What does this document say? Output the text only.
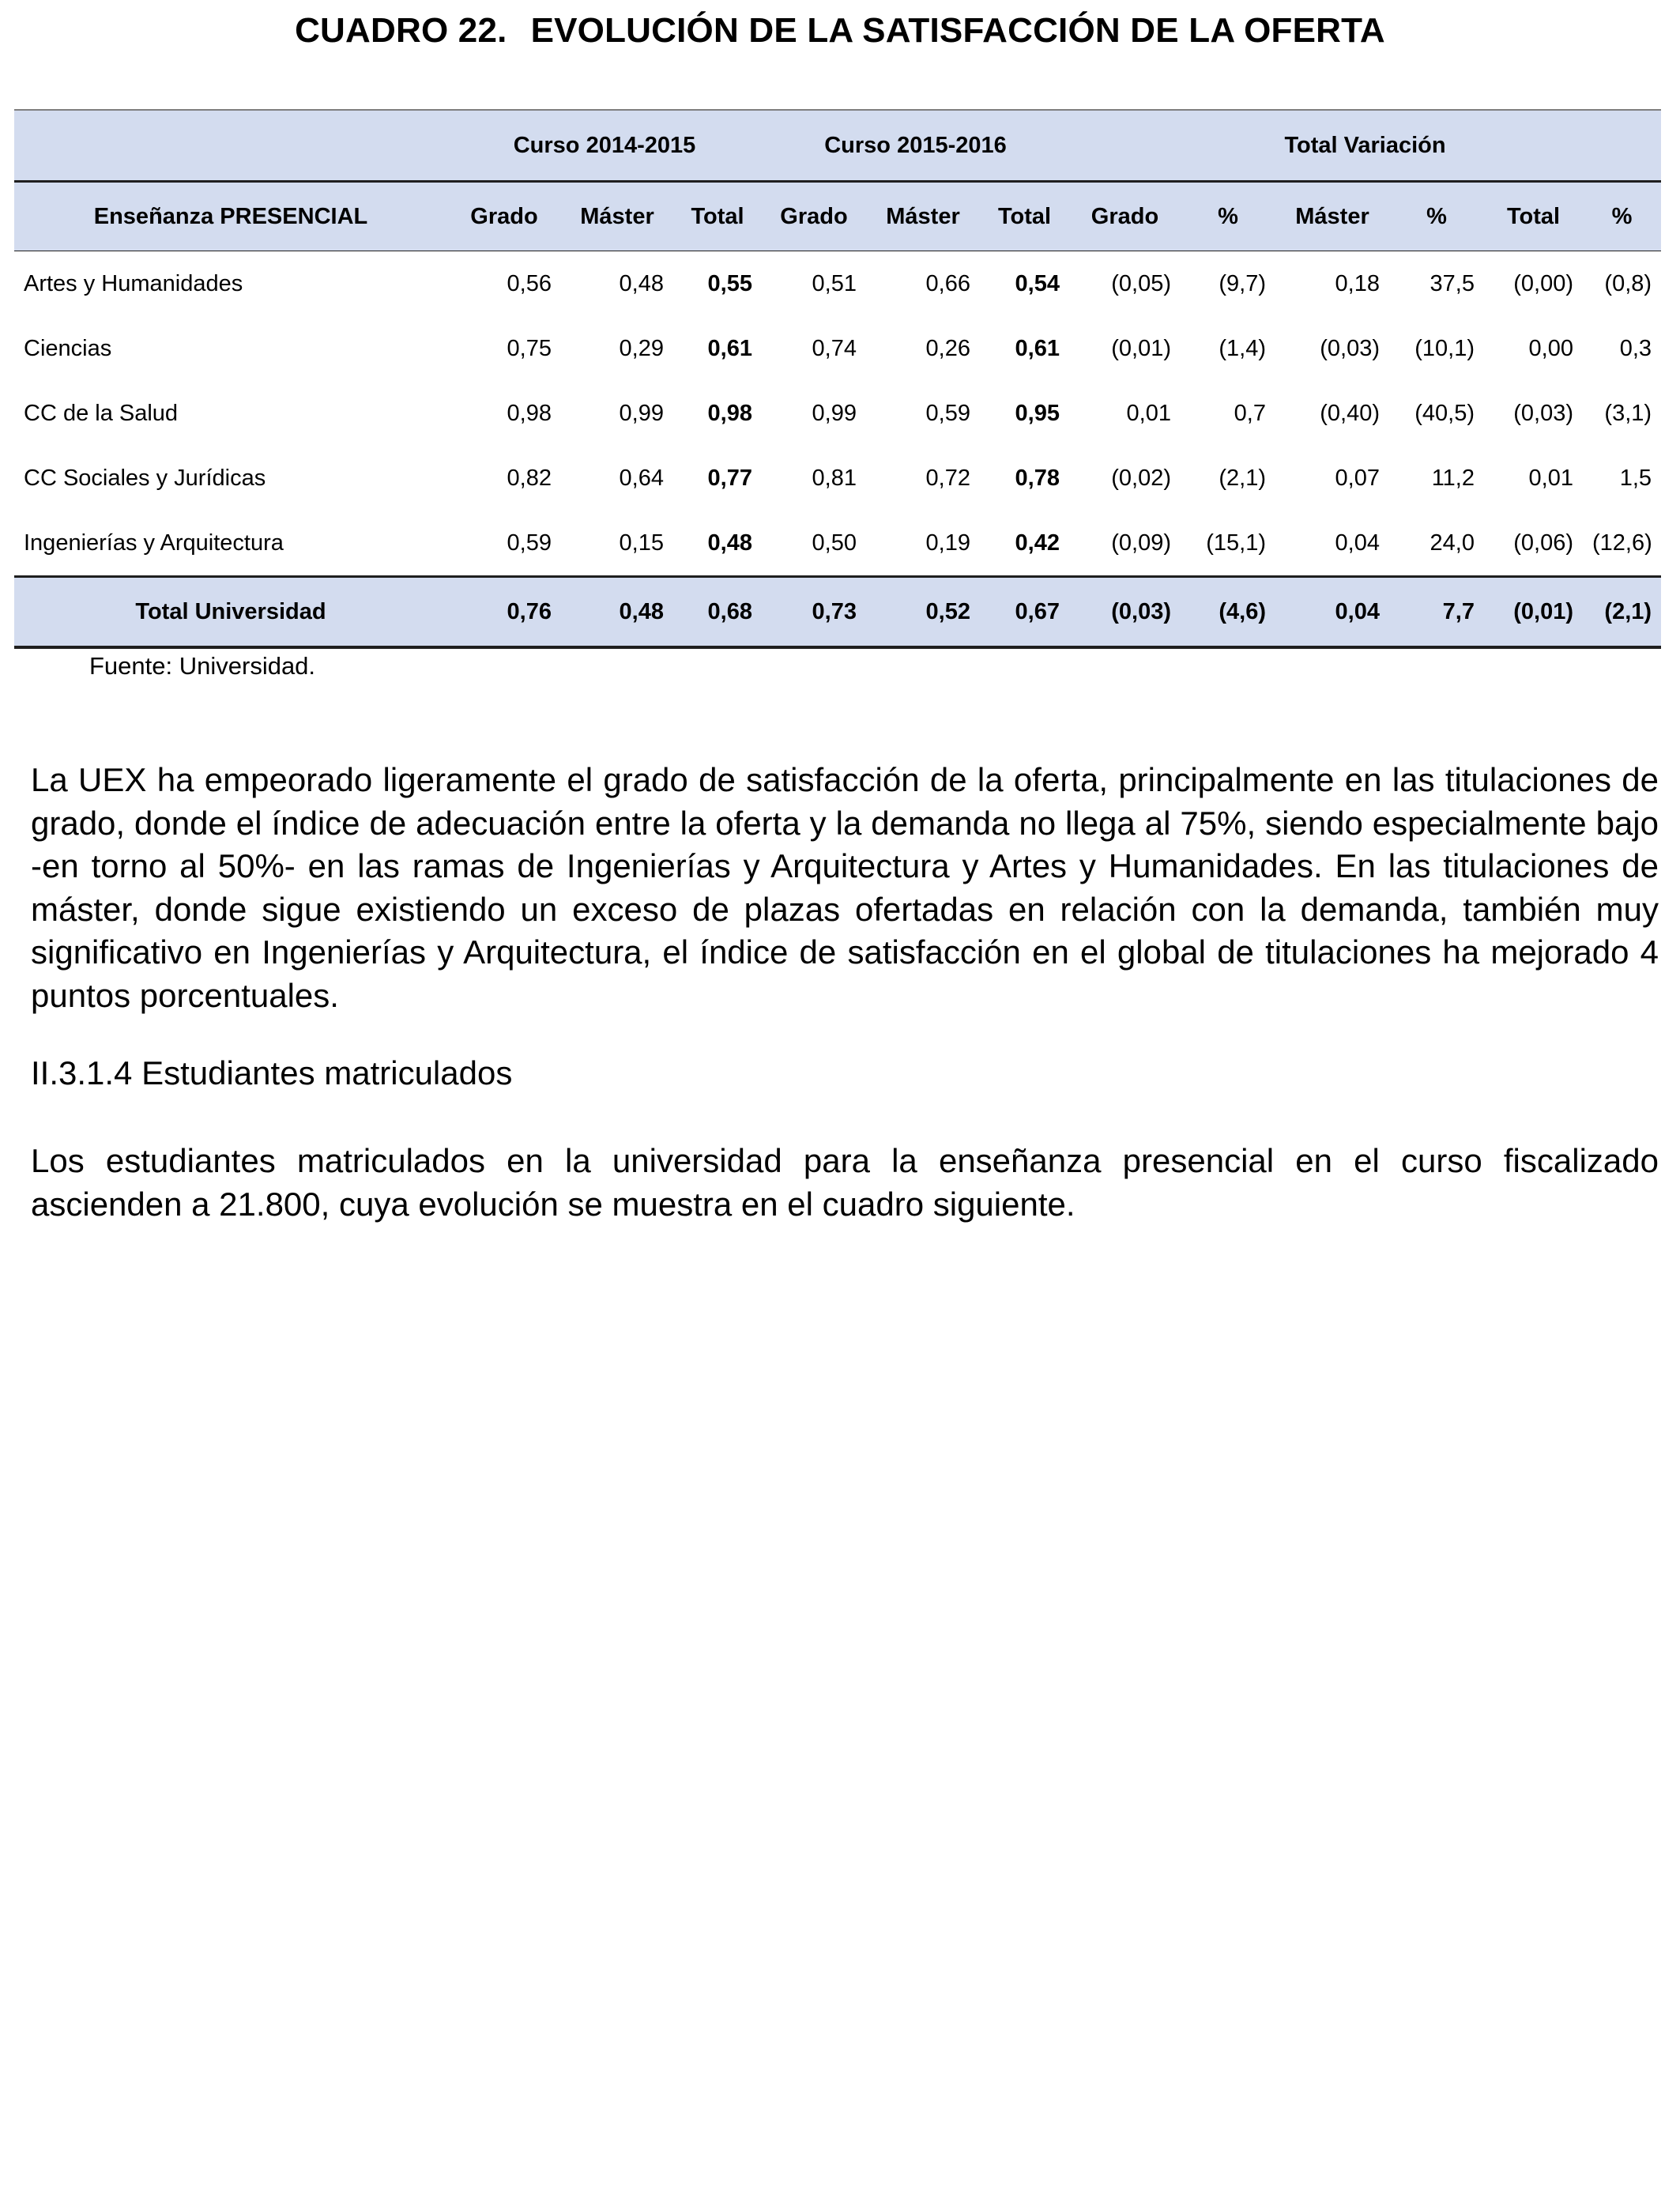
CUADRO 22. EVOLUCIÓN DE LA SATISFACCIÓN DE LA OFERTA
	Curso 2014-2015			Curso 2015-2016			Total Variación					
Enseñanza PRESENCIAL	Grado	Máster	Total	Grado	Máster	Total	Grado	%	Máster	%	Total	%
Artes y Humanidades	0,56	0,48	0,55	0,51	0,66	0,54	(0,05)	(9,7)	0,18	37,5	(0,00)	(0,8)
Ciencias	0,75	0,29	0,61	0,74	0,26	0,61	(0,01)	(1,4)	(0,03)	(10,1)	0,00	0,3
CC de la Salud	0,98	0,99	0,98	0,99	0,59	0,95	0,01	0,7	(0,40)	(40,5)	(0,03)	(3,1)
CC Sociales y Jurídicas	0,82	0,64	0,77	0,81	0,72	0,78	(0,02)	(2,1)	0,07	11,2	0,01	1,5
Ingenierías y Arquitectura	0,59	0,15	0,48	0,50	0,19	0,42	(0,09)	(15,1)	0,04	24,0	(0,06)	(12,6)
Total Universidad	0,76	0,48	0,68	0,73	0,52	0,67	(0,03)	(4,6)	0,04	7,7	(0,01)	(2,1)
Fuente: Universidad.

La UEX ha empeorado ligeramente el grado de satisfacción de la oferta, principalmente en las titulaciones de grado, donde el índice de adecuación entre la oferta y la demanda no llega al 75%, siendo especialmente bajo -en torno al 50%- en las ramas de Ingenierías y Arquitectura y Artes y Humanidades. En las titulaciones de máster, donde sigue existiendo un exceso de plazas ofertadas en relación con la demanda, también muy significativo en Ingenierías y Arquitectura, el índice de satisfacción en el global de titulaciones ha mejorado 4 puntos porcentuales.

II.3.1.4 Estudiantes matriculados

Los estudiantes matriculados en la universidad para la enseñanza presencial en el curso fiscalizado ascienden a 21.800, cuya evolución se muestra en el cuadro siguiente.
